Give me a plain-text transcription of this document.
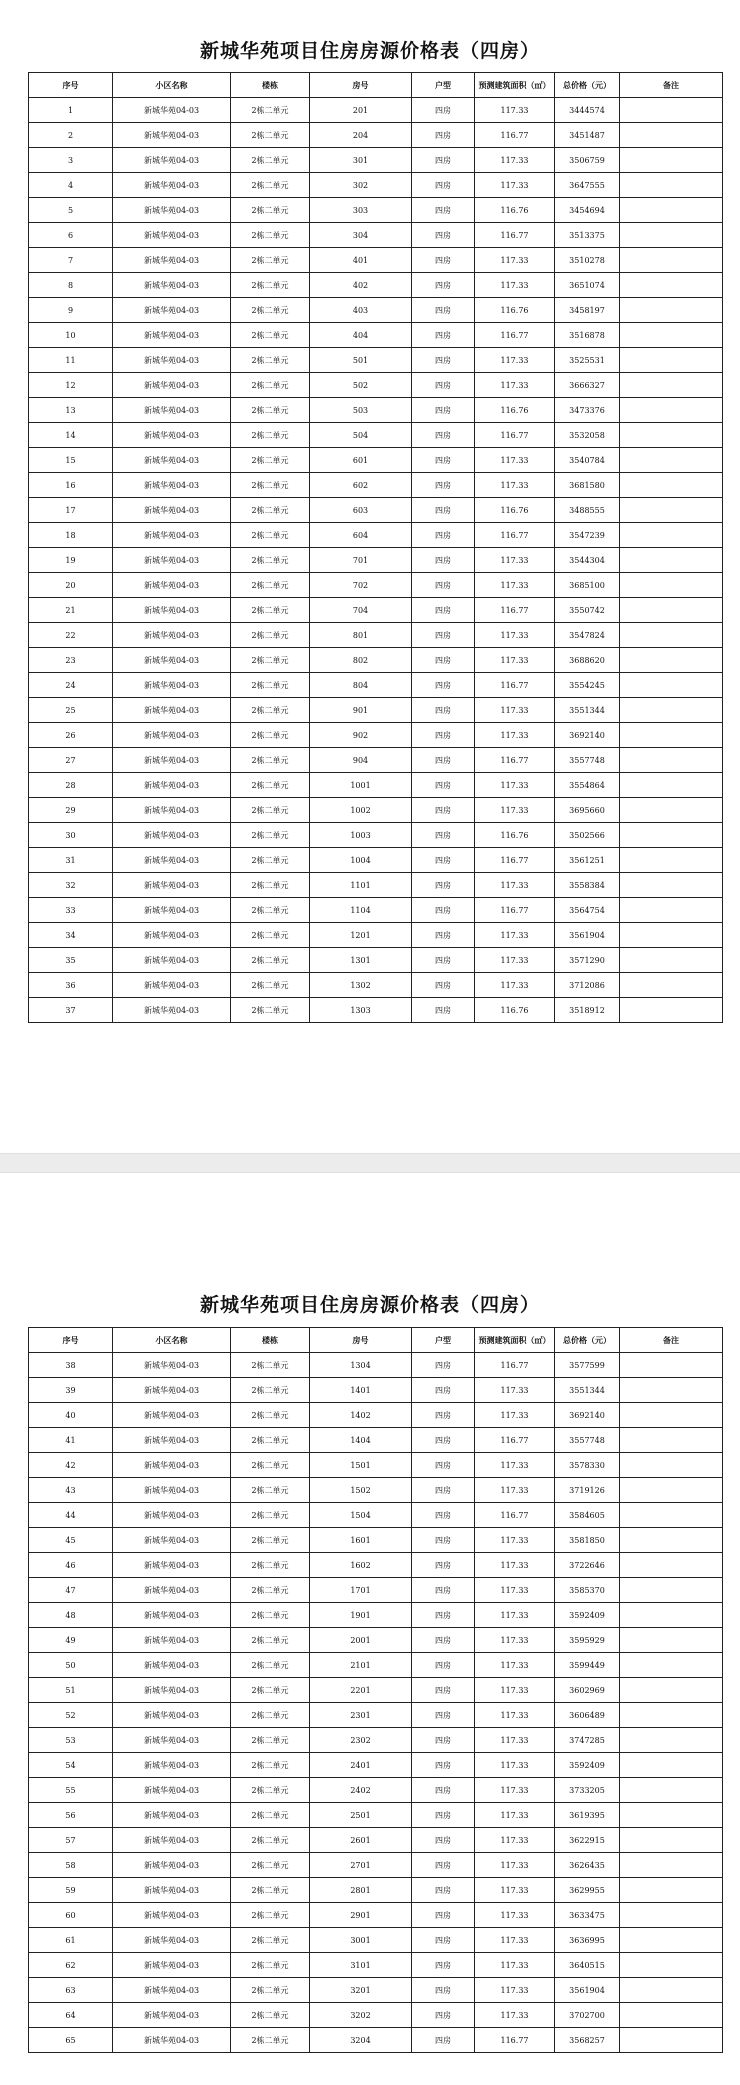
新城华苑项目住房房源价格表（四房）
序号	小区名称	楼栋	房号	户型	预测建筑面积（㎡）	总价格（元）	备注
1	新城华苑04-03	2栋二单元	201	四房	117.33	3444574	
2	新城华苑04-03	2栋二单元	204	四房	116.77	3451487	
3	新城华苑04-03	2栋二单元	301	四房	117.33	3506759	
4	新城华苑04-03	2栋二单元	302	四房	117.33	3647555	
5	新城华苑04-03	2栋二单元	303	四房	116.76	3454694	
6	新城华苑04-03	2栋二单元	304	四房	116.77	3513375	
7	新城华苑04-03	2栋二单元	401	四房	117.33	3510278	
8	新城华苑04-03	2栋二单元	402	四房	117.33	3651074	
9	新城华苑04-03	2栋二单元	403	四房	116.76	3458197	
10	新城华苑04-03	2栋二单元	404	四房	116.77	3516878	
11	新城华苑04-03	2栋二单元	501	四房	117.33	3525531	
12	新城华苑04-03	2栋二单元	502	四房	117.33	3666327	
13	新城华苑04-03	2栋二单元	503	四房	116.76	3473376	
14	新城华苑04-03	2栋二单元	504	四房	116.77	3532058	
15	新城华苑04-03	2栋二单元	601	四房	117.33	3540784	
16	新城华苑04-03	2栋二单元	602	四房	117.33	3681580	
17	新城华苑04-03	2栋二单元	603	四房	116.76	3488555	
18	新城华苑04-03	2栋二单元	604	四房	116.77	3547239	
19	新城华苑04-03	2栋二单元	701	四房	117.33	3544304	
20	新城华苑04-03	2栋二单元	702	四房	117.33	3685100	
21	新城华苑04-03	2栋二单元	704	四房	116.77	3550742	
22	新城华苑04-03	2栋二单元	801	四房	117.33	3547824	
23	新城华苑04-03	2栋二单元	802	四房	117.33	3688620	
24	新城华苑04-03	2栋二单元	804	四房	116.77	3554245	
25	新城华苑04-03	2栋二单元	901	四房	117.33	3551344	
26	新城华苑04-03	2栋二单元	902	四房	117.33	3692140	
27	新城华苑04-03	2栋二单元	904	四房	116.77	3557748	
28	新城华苑04-03	2栋二单元	1001	四房	117.33	3554864	
29	新城华苑04-03	2栋二单元	1002	四房	117.33	3695660	
30	新城华苑04-03	2栋二单元	1003	四房	116.76	3502566	
31	新城华苑04-03	2栋二单元	1004	四房	116.77	3561251	
32	新城华苑04-03	2栋二单元	1101	四房	117.33	3558384	
33	新城华苑04-03	2栋二单元	1104	四房	116.77	3564754	
34	新城华苑04-03	2栋二单元	1201	四房	117.33	3561904	
35	新城华苑04-03	2栋二单元	1301	四房	117.33	3571290	
36	新城华苑04-03	2栋二单元	1302	四房	117.33	3712086	
37	新城华苑04-03	2栋二单元	1303	四房	116.76	3518912	
新城华苑项目住房房源价格表（四房）
序号	小区名称	楼栋	房号	户型	预测建筑面积（㎡）	总价格（元）	备注
38	新城华苑04-03	2栋二单元	1304	四房	116.77	3577599	
39	新城华苑04-03	2栋二单元	1401	四房	117.33	3551344	
40	新城华苑04-03	2栋二单元	1402	四房	117.33	3692140	
41	新城华苑04-03	2栋二单元	1404	四房	116.77	3557748	
42	新城华苑04-03	2栋二单元	1501	四房	117.33	3578330	
43	新城华苑04-03	2栋二单元	1502	四房	117.33	3719126	
44	新城华苑04-03	2栋二单元	1504	四房	116.77	3584605	
45	新城华苑04-03	2栋二单元	1601	四房	117.33	3581850	
46	新城华苑04-03	2栋二单元	1602	四房	117.33	3722646	
47	新城华苑04-03	2栋二单元	1701	四房	117.33	3585370	
48	新城华苑04-03	2栋二单元	1901	四房	117.33	3592409	
49	新城华苑04-03	2栋二单元	2001	四房	117.33	3595929	
50	新城华苑04-03	2栋二单元	2101	四房	117.33	3599449	
51	新城华苑04-03	2栋二单元	2201	四房	117.33	3602969	
52	新城华苑04-03	2栋二单元	2301	四房	117.33	3606489	
53	新城华苑04-03	2栋二单元	2302	四房	117.33	3747285	
54	新城华苑04-03	2栋二单元	2401	四房	117.33	3592409	
55	新城华苑04-03	2栋二单元	2402	四房	117.33	3733205	
56	新城华苑04-03	2栋二单元	2501	四房	117.33	3619395	
57	新城华苑04-03	2栋二单元	2601	四房	117.33	3622915	
58	新城华苑04-03	2栋二单元	2701	四房	117.33	3626435	
59	新城华苑04-03	2栋二单元	2801	四房	117.33	3629955	
60	新城华苑04-03	2栋二单元	2901	四房	117.33	3633475	
61	新城华苑04-03	2栋二单元	3001	四房	117.33	3636995	
62	新城华苑04-03	2栋二单元	3101	四房	117.33	3640515	
63	新城华苑04-03	2栋二单元	3201	四房	117.33	3561904	
64	新城华苑04-03	2栋二单元	3202	四房	117.33	3702700	
65	新城华苑04-03	2栋二单元	3204	四房	116.77	3568257	
